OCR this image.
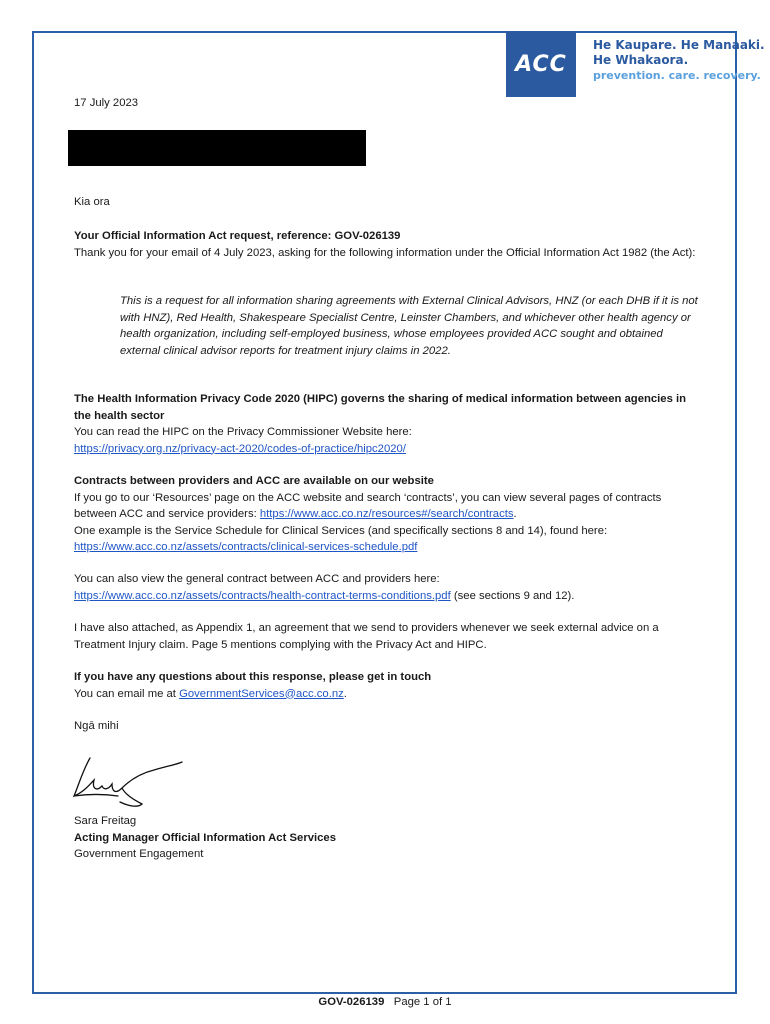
ACC
He Kaupare. He Manaaki.
He Whakaora.
prevention. care. recovery.

17 July 2023

Kia ora

Your Official Information Act request, reference: GOV-026139

Thank you for your email of 4 July 2023, asking for the following information under the Official Information Act 1982 (the Act):

This is a request for all information sharing agreements with External Clinical Advisors, HNZ (or each DHB if it is not with HNZ), Red Health, Shakespeare Specialist Centre, Leinster Chambers, and whichever other health agency or health organization, including self-employed business, whose employees provided ACC sought and obtained external clinical advisor reports for treatment injury claims in 2022.

The Health Information Privacy Code 2020 (HIPC) governs the sharing of medical information between agencies in the health sector

You can read the HIPC on the Privacy Commissioner Website here:

https://privacy.org.nz/privacy-act-2020/codes-of-practice/hipc2020/

Contracts between providers and ACC are available on our website

If you go to our ‘Resources’ page on the ACC website and search ‘contracts’, you can view several pages of contracts between ACC and service providers: https://www.acc.co.nz/resources#/search/contracts.

One example is the Service Schedule for Clinical Services (and specifically sections 8 and 14), found here:

https://www.acc.co.nz/assets/contracts/clinical-services-schedule.pdf

You can also view the general contract between ACC and providers here:

https://www.acc.co.nz/assets/contracts/health-contract-terms-conditions.pdf (see sections 9 and 12).

I have also attached, as Appendix 1, an agreement that we send to providers whenever we seek external advice on a Treatment Injury claim. Page 5 mentions complying with the Privacy Act and HIPC.

If you have any questions about this response, please get in touch

You can email me at GovernmentServices@acc.co.nz.

Ngā mihi

Sara Freitag

Acting Manager Official Information Act Services

Government Engagement

GOV-026139 Page 1 of 1
